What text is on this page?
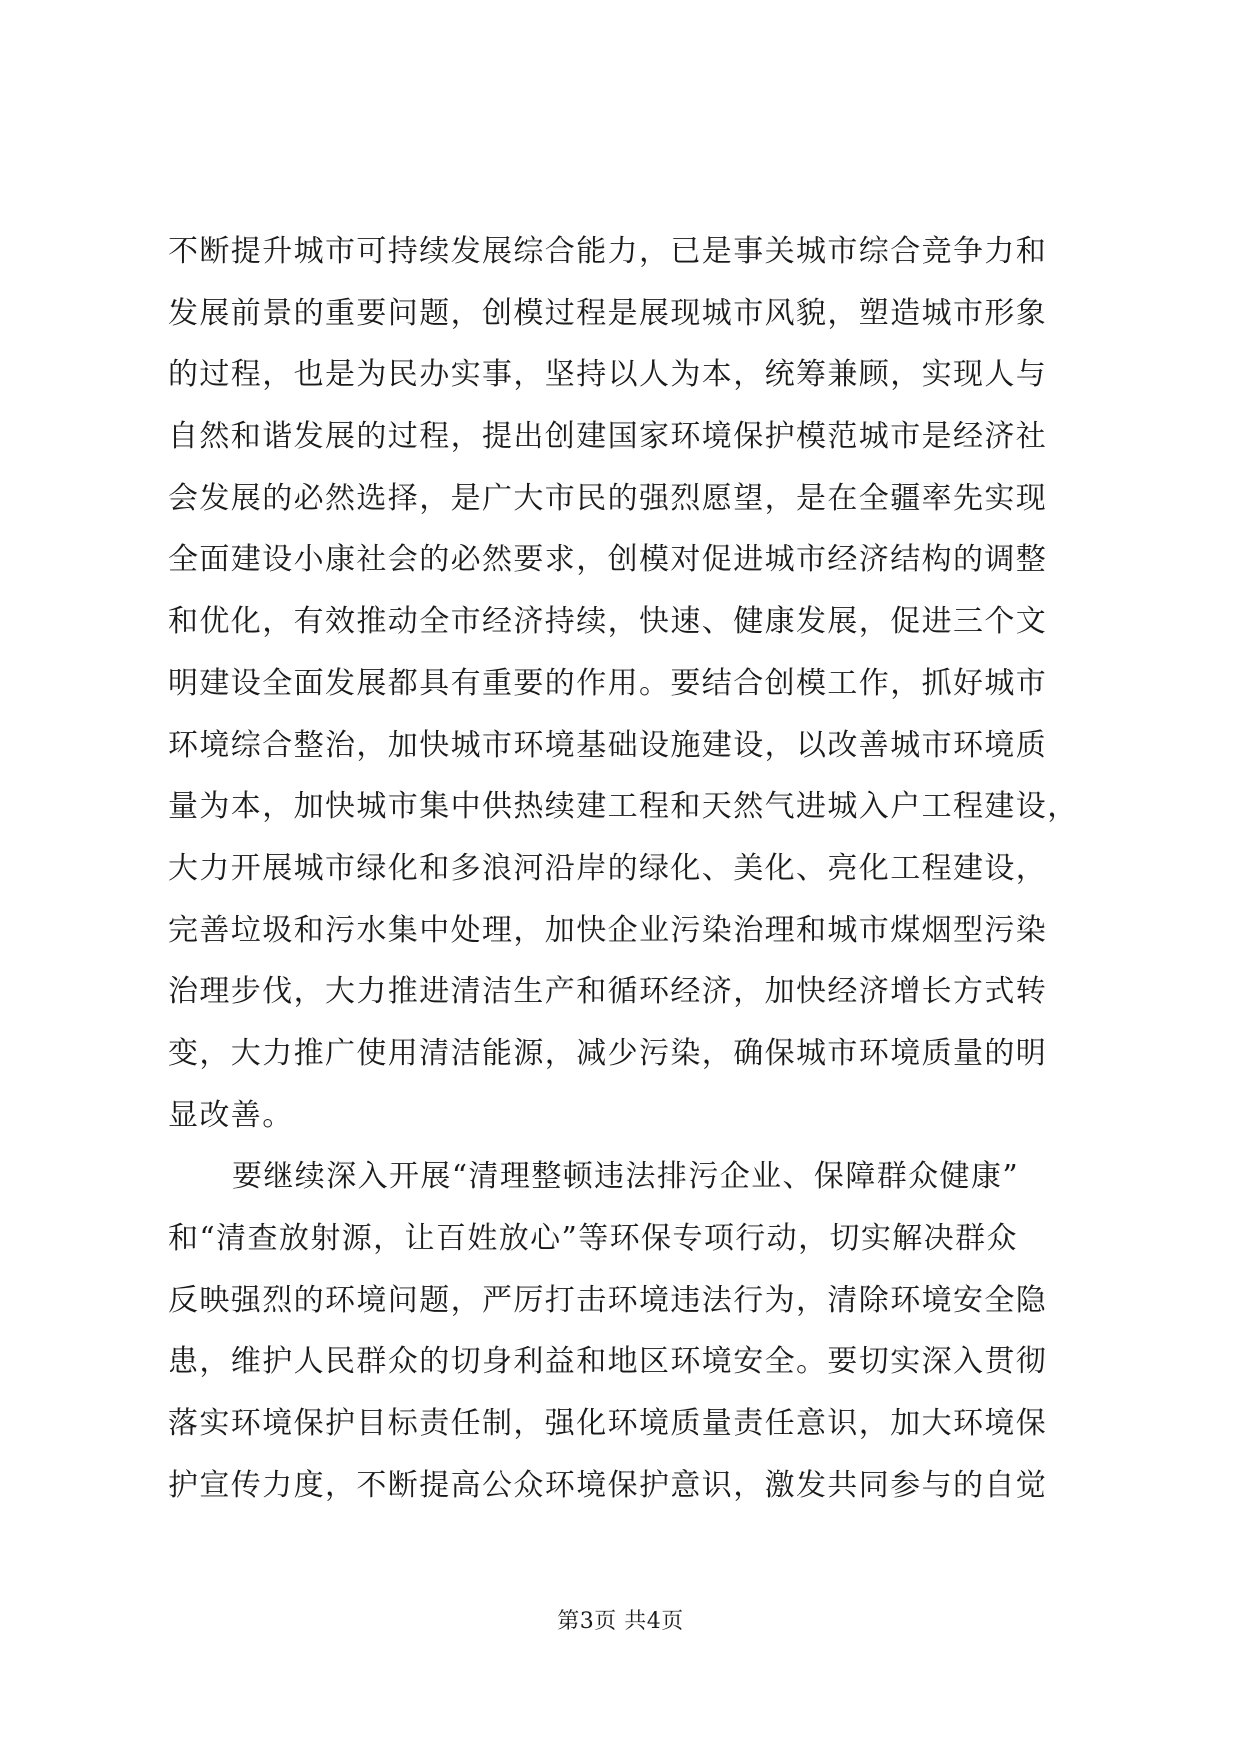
不断提升城市可持续发展综合能力，已是事关城市综合竞争力和
发展前景的重要问题，创模过程是展现城市风貌，塑造城市形象
的过程，也是为民办实事，坚持以人为本，统筹兼顾，实现人与
自然和谐发展的过程，提出创建国家环境保护模范城市是经济社
会发展的必然选择，是广大市民的强烈愿望，是在全疆率先实现
全面建设小康社会的必然要求，创模对促进城市经济结构的调整
和优化，有效推动全市经济持续，快速、健康发展，促进三个文
明建设全面发展都具有重要的作用。要结合创模工作，抓好城市
环境综合整治，加快城市环境基础设施建设，以改善城市环境质
量为本，加快城市集中供热续建工程和天然气进城入户工程建设，
大力开展城市绿化和多浪河沿岸的绿化、美化、亮化工程建设，
完善垃圾和污水集中处理，加快企业污染治理和城市煤烟型污染
治理步伐，大力推进清洁生产和循环经济，加快经济增长方式转
变，大力推广使用清洁能源，减少污染，确保城市环境质量的明
显改善。
要继续深入开展“清理整顿违法排污企业、保障群众健康”
和“清查放射源，让百姓放心”等环保专项行动，切实解决群众
反映强烈的环境问题，严厉打击环境违法行为，清除环境安全隐
患，维护人民群众的切身利益和地区环境安全。要切实深入贯彻
落实环境保护目标责任制，强化环境质量责任意识，加大环境保
护宣传力度，不断提高公众环境保护意识，激发共同参与的自觉
第3页 共4页
